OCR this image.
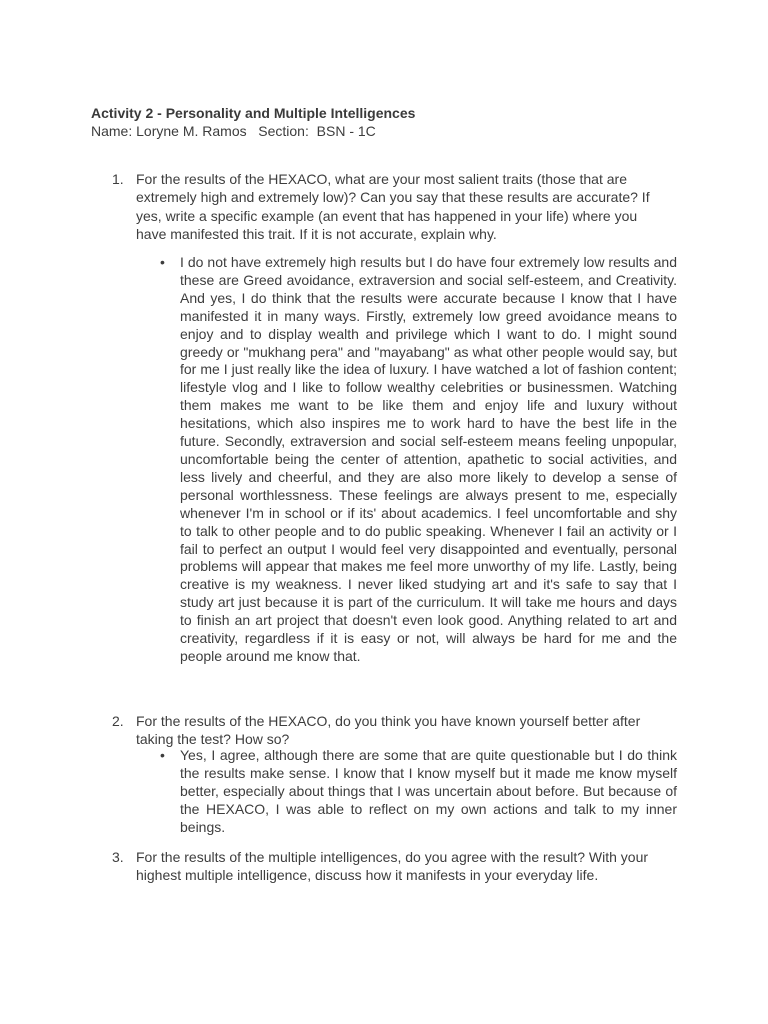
Activity 2 - Personality and Multiple Intelligences
Name: Loryne M. Ramos   Section:  BSN - 1C
1. For the results of the HEXACO, what are your most salient traits (those that are extremely high and extremely low)? Can you say that these results are accurate? If yes, write a specific example (an event that has happened in your life) where you have manifested this trait. If it is not accurate, explain why.
• I do not have extremely high results but I do have four extremely low results and these are Greed avoidance, extraversion and social self-esteem, and Creativity. And yes, I do think that the results were accurate because I know that I have manifested it in many ways. Firstly, extremely low greed avoidance means to enjoy and to display wealth and privilege which I want to do. I might sound greedy or "mukhang pera" and "mayabang" as what other people would say, but for me I just really like the idea of luxury. I have watched a lot of fashion content; lifestyle vlog and I like to follow wealthy celebrities or businessmen. Watching them makes me want to be like them and enjoy life and luxury without hesitations, which also inspires me to work hard to have the best life in the future. Secondly, extraversion and social self-esteem means feeling unpopular, uncomfortable being the center of attention, apathetic to social activities, and less lively and cheerful, and they are also more likely to develop a sense of personal worthlessness. These feelings are always present to me, especially whenever I'm in school or if its' about academics. I feel uncomfortable and shy to talk to other people and to do public speaking. Whenever I fail an activity or I fail to perfect an output I would feel very disappointed and eventually, personal problems will appear that makes me feel more unworthy of my life. Lastly, being creative is my weakness. I never liked studying art and it's safe to say that I study art just because it is part of the curriculum. It will take me hours and days to finish an art project that doesn't even look good. Anything related to art and creativity, regardless if it is easy or not, will always be hard for me and the people around me know that.
2. For the results of the HEXACO, do you think you have known yourself better after taking the test? How so?
• Yes, I agree, although there are some that are quite questionable but I do think the results make sense. I know that I know myself but it made me know myself better, especially about things that I was uncertain about before. But because of the HEXACO, I was able to reflect on my own actions and talk to my inner beings.
3. For the results of the multiple intelligences, do you agree with the result? With your highest multiple intelligence, discuss how it manifests in your everyday life.
